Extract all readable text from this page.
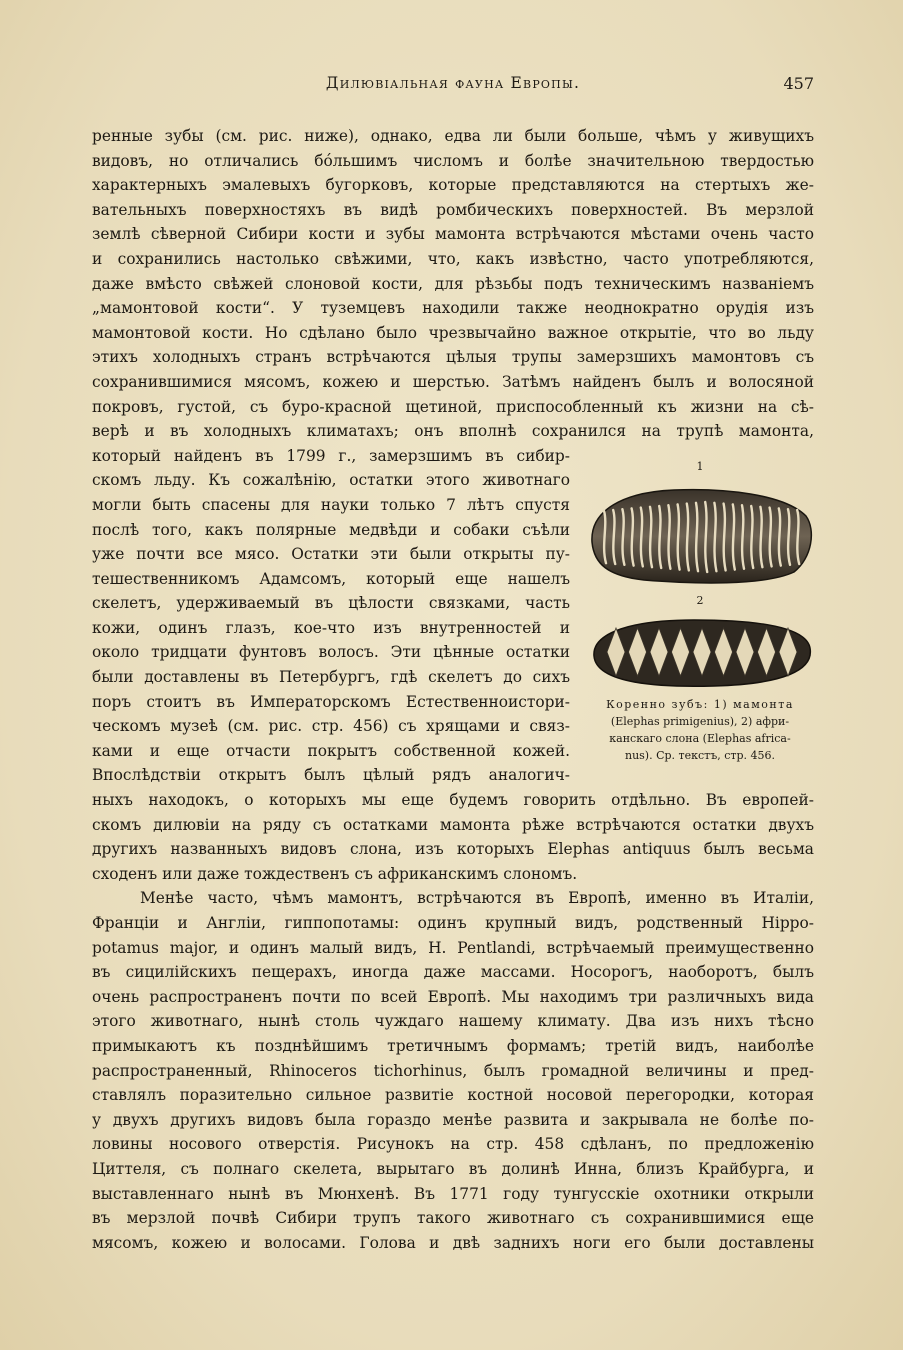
Дилювiальная фауна Европы.	457
ренные зубы (см. рис. ниже), однако, едва ли были больше, чѣмъ у живущихъ
видовъ, но отличались бо́льшимъ числомъ и болѣе значительною твердостью
характерныхъ эмалевыхъ бугорковъ, которые представляются на стертыхъ же-
вательныхъ поверхностяхъ въ видѣ ромбическихъ поверхностей. Въ мерзлой
землѣ сѣверной Сибири кости и зубы мамонта встрѣчаются мѣстами очень часто
и сохранились настолько свѣжими, что, какъ извѣстно, часто употребляются,
даже вмѣсто свѣжей слоновой кости, для рѣзьбы подъ техническимъ названiемъ
„мамонтовой кости“. У туземцевъ находили также неоднократно орудiя изъ
мамонтовой кости. Но сдѣлано было чрезвычайно важное открытiе, что во льду
этихъ холодныхъ странъ встрѣчаются цѣлыя трупы замерзшихъ мамонтовъ съ
сохранившимися мясомъ, кожею и шерстью. Затѣмъ найденъ былъ и волосяной
покровъ, густой, съ буро-красной щетиной, приспособленный къ жизни на сѣ-
верѣ и въ холодныхъ климатахъ; онъ вполнѣ сохранился на трупѣ мамонта,
который найденъ въ 1799 г., замерзшимъ въ сибир-
скомъ льду. Къ сожалѣнiю, остатки этого животнаго
могли быть спасены для науки только 7 лѣтъ спустя
послѣ того, какъ полярные медвѣди и собаки съѣли
уже почти все мясо. Остатки эти были открыты пу-
тешественникомъ Адамсомъ, который еще нашелъ
скелетъ, удерживаемый въ цѣлости связками, часть
кожи, одинъ глазъ, кое-что изъ внутренностей и
около тридцати фунтовъ волосъ. Эти цѣнные остатки
были доставлены въ Петербургъ, гдѣ скелетъ до сихъ
поръ стоитъ въ Императорскомъ Естественноистори-
ческомъ музеѣ (см. рис. стр. 456) съ хрящами и связ-
ками и еще отчасти покрытъ собственной кожей.
Впослѣдствiи открытъ былъ цѣлый рядъ аналогич-
ныхъ находокъ, о которыхъ мы еще будемъ говорить отдѣльно. Въ европей-
скомъ дилювiи на ряду съ остатками мамонта рѣже встрѣчаются остатки двухъ
другихъ названныхъ видовъ слона, изъ которыхъ Elephas antiquus былъ весьма
сходенъ или даже тождественъ съ африканскимъ слономъ.
Менѣе часто, чѣмъ мамонтъ, встрѣчаются въ Европѣ, именно въ Италiи,
Францiи и Англiи, гиппопотамы: одинъ крупный видъ, родственный Hippo-
potamus major, и одинъ малый видъ, H. Pentlandi, встрѣчаемый преимущественно
въ сицилiйскихъ пещерахъ, иногда даже массами. Носорогъ, наоборотъ, былъ
очень распространенъ почти по всей Европѣ. Мы находимъ три различныхъ вида
этого животнаго, нынѣ столь чуждаго нашему климату. Два изъ нихъ тѣсно
примыкаютъ къ позднѣйшимъ третичнымъ формамъ; третiй видъ, наиболѣе
распространенный, Rhinoceros tichorhinus, былъ громадной величины и пред-
ставлялъ поразительно сильное развитiе костной носовой перегородки, которая
у двухъ другихъ видовъ была гораздо менѣе развита и закрывала не болѣе по-
ловины носового отверстiя. Рисунокъ на стр. 458 сдѣланъ, по предложенiю
Циттеля, съ полнаго скелета, вырытаго въ долинѣ Инна, близъ Крайбурга, и
выставленнаго нынѣ въ Мюнхенѣ. Въ 1771 году тунгусскiе охотники открыли
въ мерзлой почвѣ Сибири трупъ такого животнаго съ сохранившимися еще
мясомъ, кожею и волосами. Голова и двѣ заднихъ ноги его были доставлены
1
2
Коренно зубъ: 1) мамонта
(Elephas primigenius), 2) афри-
канскаго слона (Elephas africa-
nus). Ср. текстъ, стр. 456.
